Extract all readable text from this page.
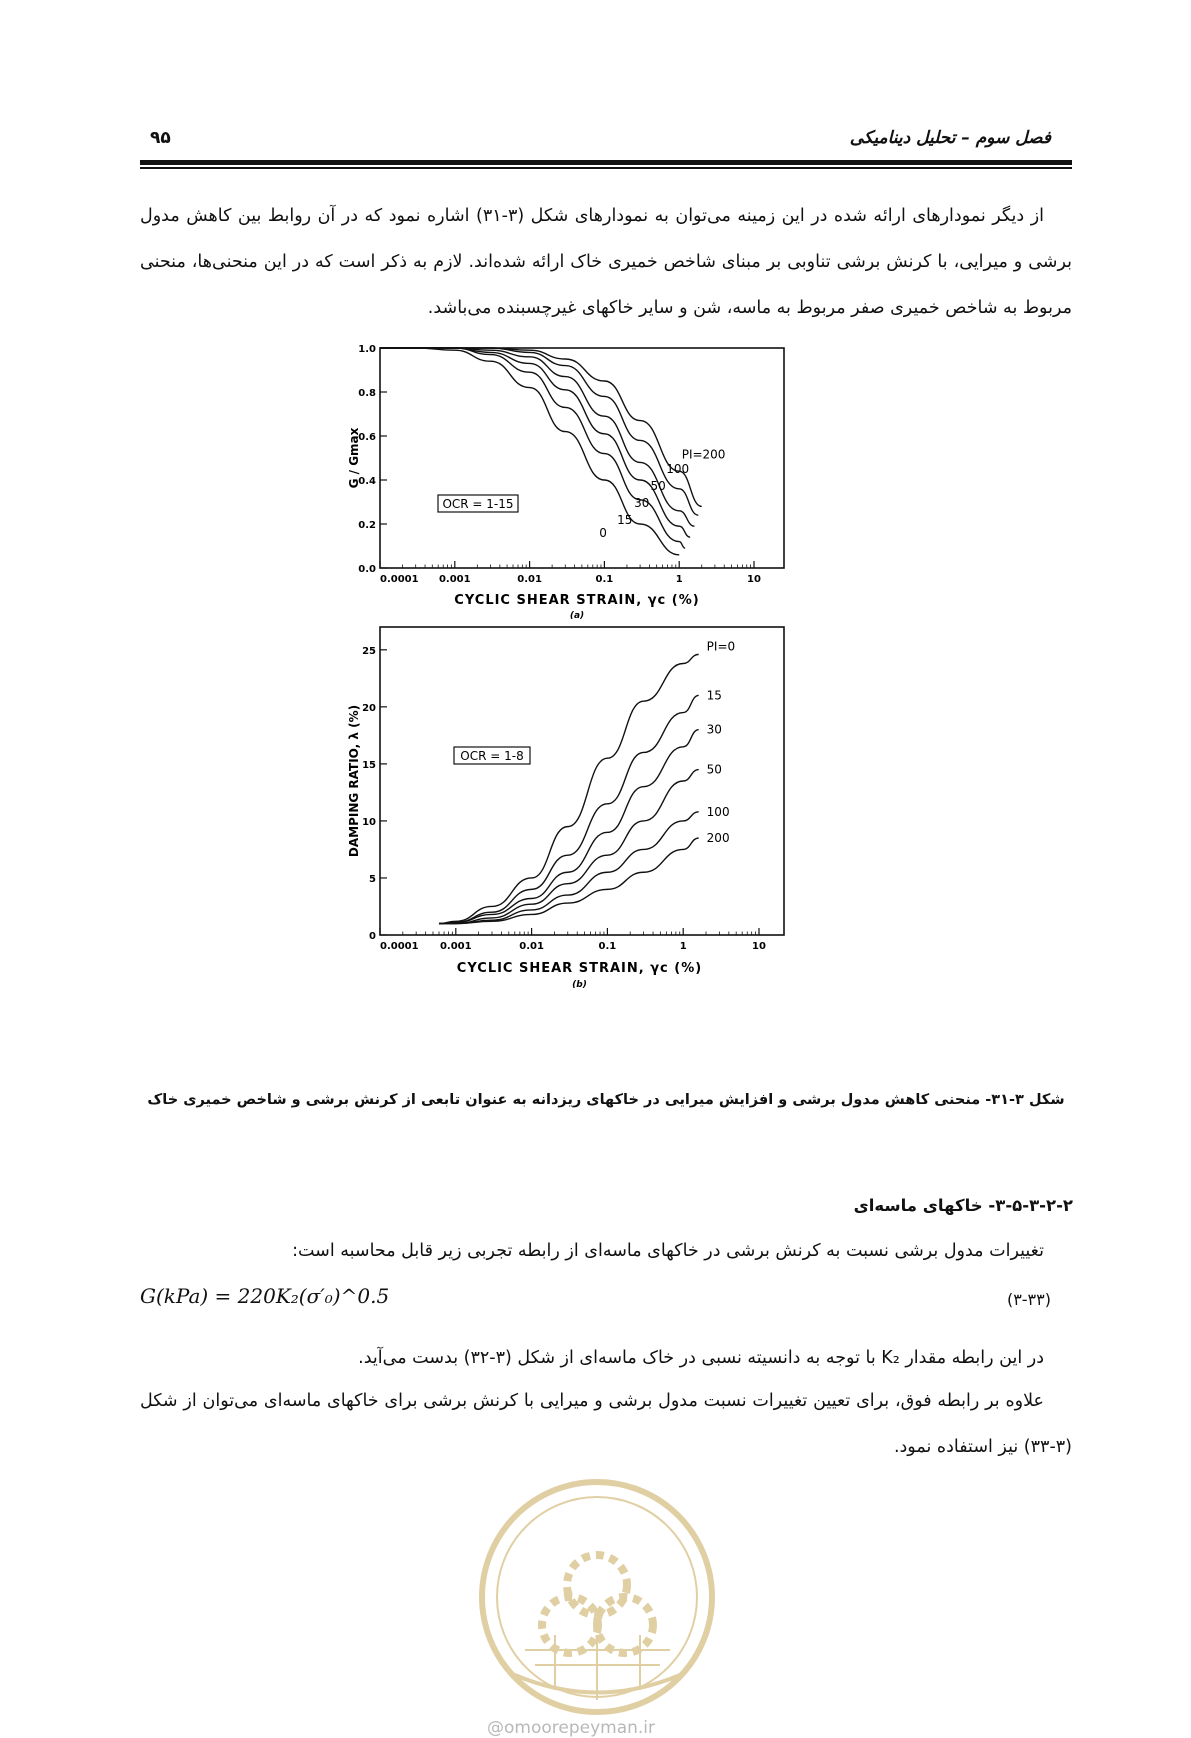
فصل سوم – تحلیل دینامیکی
۹۵
از دیگر نمودارهای ارائه شده در این زمینه می‌توان به نمودارهای شکل (۳-۳۱) اشاره نمود که در آن روابط بین کاهش مدول برشی و میرایی، با کرنش برشی تناوبی بر مبنای شاخص خمیری خاک ارائه شده‌اند. لازم به ذکر است که در این منحنی‌ها، منحنی مربوط به شاخص خمیری صفر مربوط به ماسه، شن و سایر خاکهای غیرچسبنده می‌باشد.
0.0001 0.001	0.01	0.1	1	10
0.0
0.2
0.4
0.6
0.8
1.0
CYCLIC SHEAR STRAIN, γc (%)
(a)
G / Gmax
OCR = 1-15
0
15
30
50
100
PI=200
0.0001 0.001	0.01	0.1	1	10
0
5
10
15
20
25
CYCLIC SHEAR STRAIN, γc (%)
(b)
DAMPING RATIO, λ (%)	OCR = 1-8
PI=0
15
30
50
100
200
شکل ۳-۳۱- منحنی کاهش مدول برشی و افزایش میرایی در خاکهای ریزدانه به عنوان تابعی از کرنش برشی و شاخص خمیری خاک
۳-۵-۳-۲-۲- خاکهای ماسه‌ای
تغییرات مدول برشی نسبت به کرنش برشی در خاکهای ماسه‌ای از رابطه تجربی زیر قابل محاسبه است:
G(kPa) = 220K₂(σ′₀)^0.5	(۳-۳۳)
در این رابطه مقدار K₂ با توجه به دانسیته نسبی در خاک ماسه‌ای از شکل (۳-۳۲) بدست می‌آید.
علاوه بر رابطه فوق، برای تعیین تغییرات نسبت مدول برشی و میرایی با کرنش برشی برای خاکهای ماسه‌ای می‌توان از شکل (۳-۳۳) نیز استفاده نمود.
@omoorepeyman.ir
